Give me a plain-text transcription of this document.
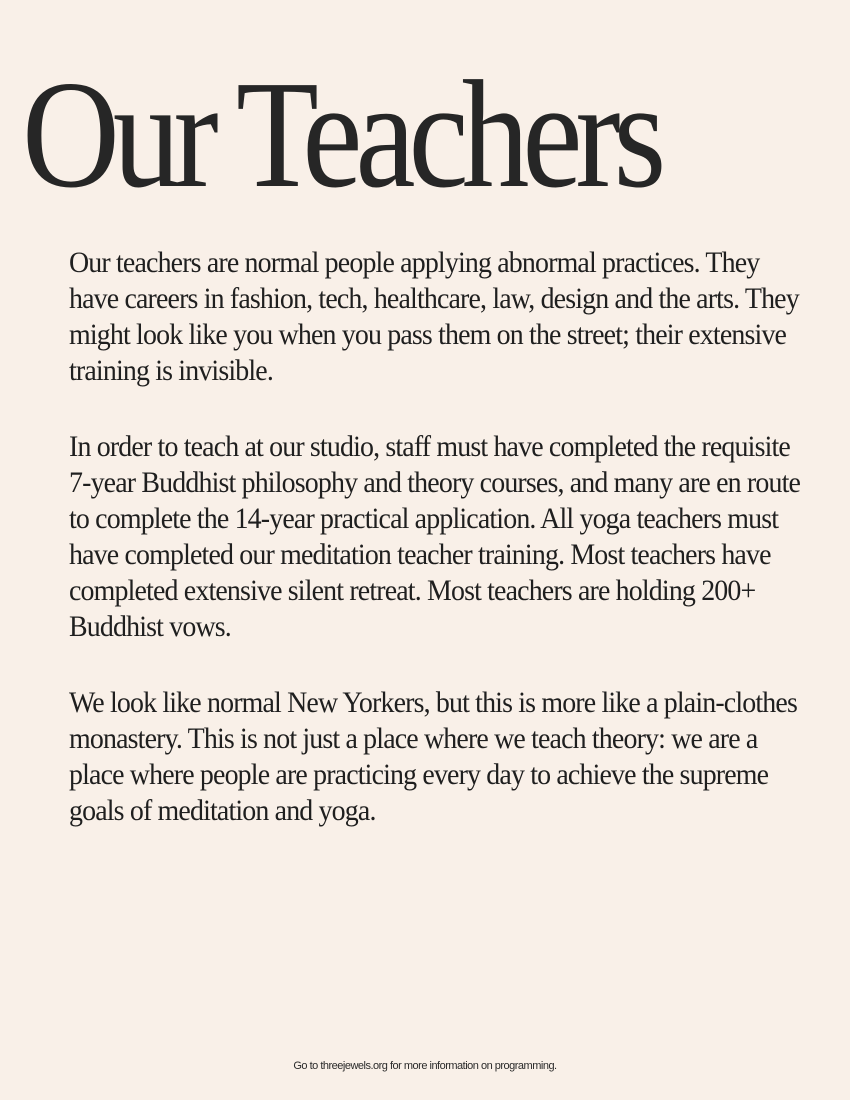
Our Teachers

Our teachers are normal people applying abnormal practices. They have careers in fashion, tech, healthcare, law, design and the arts. They might look like you when you pass them on the street; their extensive training is invisible.

In order to teach at our studio, staff must have completed the requisite 7-year Buddhist philosophy and theory courses, and many are en route to complete the 14-year practical application. All yoga teachers must have completed our meditation teacher training. Most teachers have completed extensive silent retreat. Most teachers are holding 200+ Buddhist vows.

We look like normal New Yorkers, but this is more like a plain-clothes monastery. This is not just a place where we teach theory: we are a place where people are practicing every day to achieve the supreme goals of meditation and yoga.

Go to threejewels.org for more information on programming.
